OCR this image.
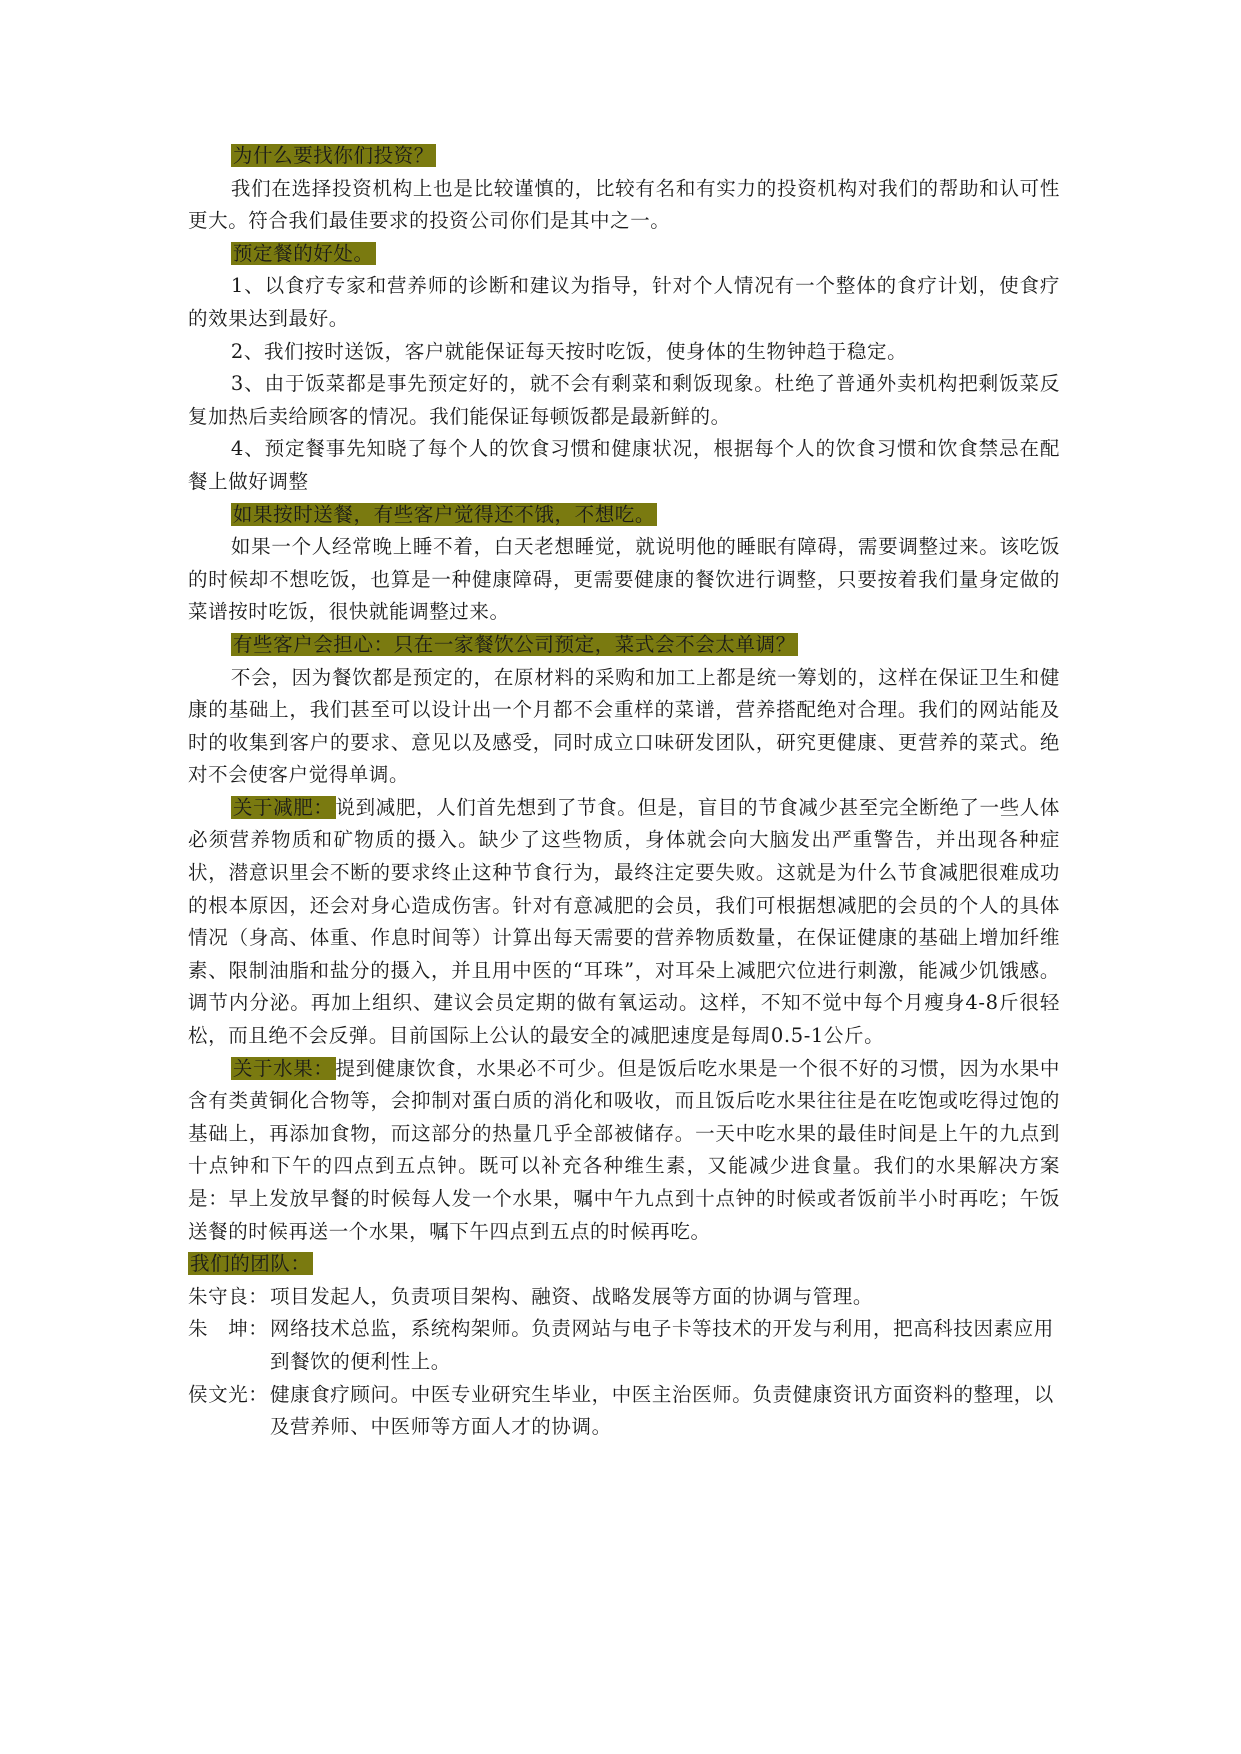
为什么要找你们投资？

我们在选择投资机构上也是比较谨慎的，比较有名和有实力的投资机构对我们的帮助和认可性更大。符合我们最佳要求的投资公司你们是其中之一。

预定餐的好处。

1、以食疗专家和营养师的诊断和建议为指导，针对个人情况有一个整体的食疗计划，使食疗的效果达到最好。

2、我们按时送饭，客户就能保证每天按时吃饭，使身体的生物钟趋于稳定。

3、由于饭菜都是事先预定好的，就不会有剩菜和剩饭现象。杜绝了普通外卖机构把剩饭菜反复加热后卖给顾客的情况。我们能保证每顿饭都是最新鲜的。

4、预定餐事先知晓了每个人的饮食习惯和健康状况，根据每个人的饮食习惯和饮食禁忌在配餐上做好调整

如果按时送餐，有些客户觉得还不饿，不想吃。

如果一个人经常晚上睡不着，白天老想睡觉，就说明他的睡眠有障碍，需要调整过来。该吃饭的时候却不想吃饭，也算是一种健康障碍，更需要健康的餐饮进行调整，只要按着我们量身定做的菜谱按时吃饭，很快就能调整过来。

有些客户会担心：只在一家餐饮公司预定，菜式会不会太单调？

不会，因为餐饮都是预定的，在原材料的采购和加工上都是统一筹划的，这样在保证卫生和健康的基础上，我们甚至可以设计出一个月都不会重样的菜谱，营养搭配绝对合理。我们的网站能及时的收集到客户的要求、意见以及感受，同时成立口味研发团队，研究更健康、更营养的菜式。绝对不会使客户觉得单调。

关于减肥： 说到减肥，人们首先想到了节食。但是，盲目的节食减少甚至完全断绝了一些人体必须营养物质和矿物质的摄入。缺少了这些物质，身体就会向大脑发出严重警告，并出现各种症状，潜意识里会不断的要求终止这种节食行为，最终注定要失败。这就是为什么节食减肥很难成功的根本原因，还会对身心造成伤害。针对有意减肥的会员，我们可根据想减肥的会员的个人的具体情况（身高、体重、作息时间等）计算出每天需要的营养物质数量，在保证健康的基础上增加纤维素、限制油脂和盐分的摄入，并且用中医的“耳珠”，对耳朵上减肥穴位进行刺激，能减少饥饿感。调节内分泌。再加上组织、建议会员定期的做有氧运动。这样，不知不觉中每个月瘦身4-8斤很轻松，而且绝不会反弹。目前国际上公认的最安全的减肥速度是每周0.5-1公斤。

关于水果： 提到健康饮食，水果必不可少。但是饭后吃水果是一个很不好的习惯，因为水果中含有类黄铜化合物等，会抑制对蛋白质的消化和吸收，而且饭后吃水果往往是在吃饱或吃得过饱的基础上，再添加食物，而这部分的热量几乎全部被储存。一天中吃水果的最佳时间是上午的九点到十点钟和下午的四点到五点钟。既可以补充各种维生素，又能减少进食量。我们的水果解决方案是：早上发放早餐的时候每人发一个水果，嘱中午九点到十点钟的时候或者饭前半小时再吃；午饭送餐的时候再送一个水果，嘱下午四点到五点的时候再吃。

我们的团队：

朱守良： 项目发起人，负责项目架构、融资、战略发展等方面的协调与管理。

朱　坤： 网络技术总监，系统构架师。负责网站与电子卡等技术的开发与利用，把高科技因素应用到餐饮的便利性上。

侯文光： 健康食疗顾问。中医专业研究生毕业，中医主治医师。负责健康资讯方面资料的整理，以及营养师、中医师等方面人才的协调。
